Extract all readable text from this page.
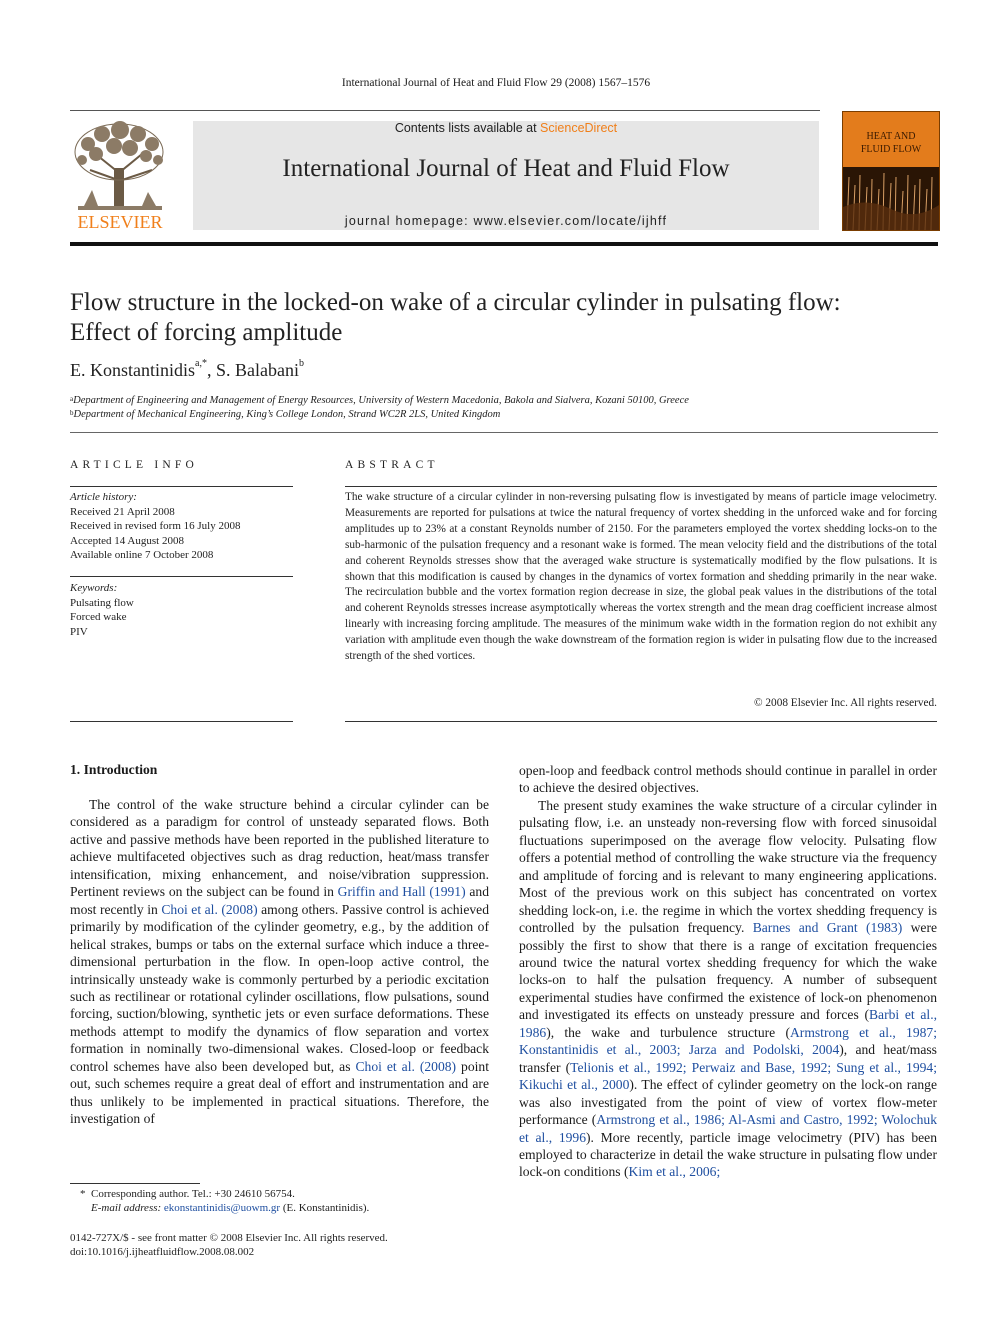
International Journal of Heat and Fluid Flow 29 (2008) 1567–1576
ELSEVIER
Contents lists available at ScienceDirect
International Journal of Heat and Fluid Flow
journal homepage: www.elsevier.com/locate/ijhff
HEAT AND
FLUID FLOW
Flow structure in the locked-on wake of a circular cylinder in pulsating flow:
Effect of forcing amplitude
E. Konstantinidis$^{a,*}$, S. Balabani$^b$
$^a$Department of Engineering and Management of Energy Resources, University of Western Macedonia, Bakola and Sialvera, Kozani 50100, Greece
$^b$Department of Mechanical Engineering, King’s College London, Strand WC2R 2LS, United Kingdom
ARTICLE INFO
Article history:
Received 21 April 2008
Received in revised form 16 July 2008
Accepted 14 August 2008
Available online 7 October 2008
Keywords:
Pulsating flow
Forced wake
PIV
ABSTRACT
The wake structure of a circular cylinder in non-reversing pulsating flow is investigated by means of particle image velocimetry. Measurements are reported for pulsations at twice the natural frequency of vortex shedding in the unforced wake and for forcing amplitudes up to 23% at a constant Reynolds number of 2150. For the parameters employed the vortex shedding locks-on to the sub-harmonic of the pulsation frequency and a resonant wake is formed. The mean velocity field and the distributions of the total and coherent Reynolds stresses show that the averaged wake structure is systematically modified by the flow pulsations. It is shown that this modification is caused by changes in the dynamics of vortex formation and shedding primarily in the near wake. The recirculation bubble and the vortex formation region decrease in size, the global peak values in the distributions of the total and coherent Reynolds stresses increase asymptotically whereas the vortex strength and the mean drag coefficient increase almost linearly with increasing forcing amplitude. The measures of the minimum wake width in the formation region do not exhibit any variation with amplitude even though the wake downstream of the formation region is wider in pulsating flow due to the increased strength of the shed vortices.
© 2008 Elsevier Inc. All rights reserved.
1. Introduction

The control of the wake structure behind a circular cylinder can be considered as a paradigm for control of unsteady separated flows. Both active and passive methods have been reported in the published literature to achieve multifaceted objectives such as drag reduction, heat/mass transfer intensification, mixing enhancement, and noise/vibration suppression. Pertinent reviews on the subject can be found in Griffin and Hall (1991) and most recently in Choi et al. (2008) among others. Passive control is achieved primarily by modification of the cylinder geometry, e.g., by the addition of helical strakes, bumps or tabs on the external surface which induce a three-dimensional perturbation in the flow. In open-loop active control, the intrinsically unsteady wake is commonly perturbed by a periodic excitation such as rectilinear or rotational cylinder oscillations, flow pulsations, sound forcing, suction/blowing, synthetic jets or even surface deformations. These methods attempt to modify the dynamics of flow separation and vortex formation in nominally two-dimensional wakes. Closed-loop or feedback control schemes have also been developed but, as Choi et al. (2008) point out, such schemes require a great deal of effort and instrumentation and are thus unlikely to be implemented in practical situations. Therefore, the investigation of

open-loop and feedback control methods should continue in parallel in order to achieve the desired objectives.

The present study examines the wake structure of a circular cylinder in pulsating flow, i.e. an unsteady non-reversing flow with forced sinusoidal fluctuations superimposed on the average flow velocity. Pulsating flow offers a potential method of controlling the wake structure via the frequency and amplitude of forcing and is relevant to many engineering applications. Most of the previous work on this subject has concentrated on vortex shedding lock-on, i.e. the regime in which the vortex shedding frequency is controlled by the pulsation frequency. Barnes and Grant (1983) were possibly the first to show that there is a range of excitation frequencies around twice the natural vortex shedding frequency for which the wake locks-on to half the pulsation frequency. A number of subsequent experimental studies have confirmed the existence of lock-on phenomenon and investigated its effects on unsteady pressure and forces (Barbi et al., 1986), the wake and turbulence structure (Armstrong et al., 1987; Konstantinidis et al., 2003; Jarza and Podolski, 2004), and heat/mass transfer (Telionis et al., 1992; Perwaiz and Base, 1992; Sung et al., 1994; Kikuchi et al., 2000). The effect of cylinder geometry on the lock-on range was also investigated from the point of view of vortex flow-meter performance (Armstrong et al., 1986; Al-Asmi and Castro, 1992; Wolochuk et al., 1996). More recently, particle image velocimetry (PIV) has been employed to characterize in detail the wake structure in pulsating flow under lock-on conditions (Kim et al., 2006;

* Corresponding author. Tel.: +30 24610 56754.
E-mail address: ekonstantinidis@uowm.gr (E. Konstantinidis).
0142-727X/$ - see front matter © 2008 Elsevier Inc. All rights reserved.
doi:10.1016/j.ijheatfluidflow.2008.08.002
